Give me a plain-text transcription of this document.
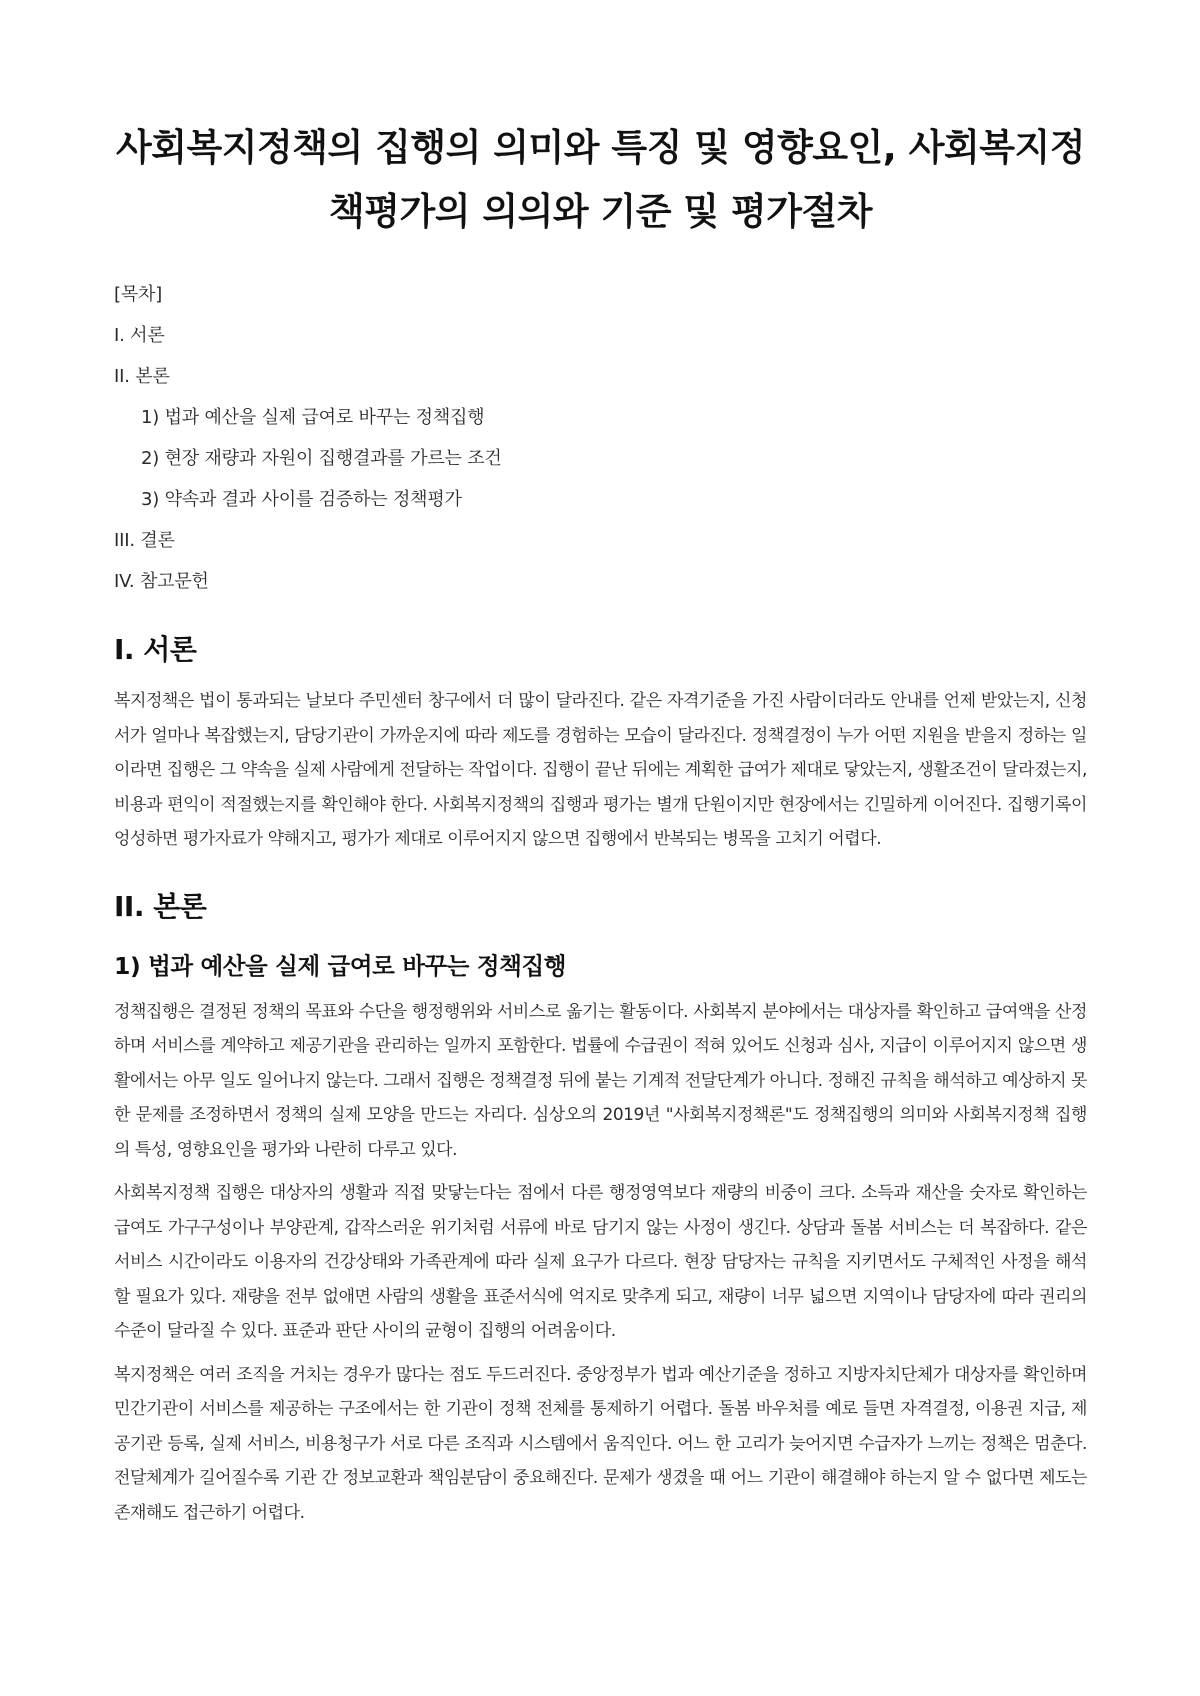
사회복지정책의 집행의 의미와 특징 및 영향요인, 사회복지정책평가의 의의와 기준 및 평가절차
[목차]
I. 서론
II. 본론
1) 법과 예산을 실제 급여로 바꾸는 정책집행
2) 현장 재량과 자원이 집행결과를 가르는 조건
3) 약속과 결과 사이를 검증하는 정책평가
III. 결론
IV. 참고문헌
I. 서론

복지정책은 법이 통과되는 날보다 주민센터 창구에서 더 많이 달라진다. 같은 자격기준을 가진 사람이더라도 안내를 언제 받았는지, 신청서가 얼마나 복잡했는지, 담당기관이 가까운지에 따라 제도를 경험하는 모습이 달라진다. 정책결정이 누가 어떤 지원을 받을지 정하는 일이라면 집행은 그 약속을 실제 사람에게 전달하는 작업이다. 집행이 끝난 뒤에는 계획한 급여가 제대로 닿았는지, 생활조건이 달라졌는지, 비용과 편익이 적절했는지를 확인해야 한다. 사회복지정책의 집행과 평가는 별개 단원이지만 현장에서는 긴밀하게 이어진다. 집행기록이 엉성하면 평가자료가 약해지고, 평가가 제대로 이루어지지 않으면 집행에서 반복되는 병목을 고치기 어렵다.

II. 본론
1) 법과 예산을 실제 급여로 바꾸는 정책집행

정책집행은 결정된 정책의 목표와 수단을 행정행위와 서비스로 옮기는 활동이다. 사회복지 분야에서는 대상자를 확인하고 급여액을 산정하며 서비스를 계약하고 제공기관을 관리하는 일까지 포함한다. 법률에 수급권이 적혀 있어도 신청과 심사, 지급이 이루어지지 않으면 생활에서는 아무 일도 일어나지 않는다. 그래서 집행은 정책결정 뒤에 붙는 기계적 전달단계가 아니다. 정해진 규칙을 해석하고 예상하지 못한 문제를 조정하면서 정책의 실제 모양을 만드는 자리다. 심상오의 2019년 "사회복지정책론"도 정책집행의 의미와 사회복지정책 집행의 특성, 영향요인을 평가와 나란히 다루고 있다.

사회복지정책 집행은 대상자의 생활과 직접 맞닿는다는 점에서 다른 행정영역보다 재량의 비중이 크다. 소득과 재산을 숫자로 확인하는 급여도 가구구성이나 부양관계, 갑작스러운 위기처럼 서류에 바로 담기지 않는 사정이 생긴다. 상담과 돌봄 서비스는 더 복잡하다. 같은 서비스 시간이라도 이용자의 건강상태와 가족관계에 따라 실제 요구가 다르다. 현장 담당자는 규칙을 지키면서도 구체적인 사정을 해석할 필요가 있다. 재량을 전부 없애면 사람의 생활을 표준서식에 억지로 맞추게 되고, 재량이 너무 넓으면 지역이나 담당자에 따라 권리의 수준이 달라질 수 있다. 표준과 판단 사이의 균형이 집행의 어려움이다.

복지정책은 여러 조직을 거치는 경우가 많다는 점도 두드러진다. 중앙정부가 법과 예산기준을 정하고 지방자치단체가 대상자를 확인하며 민간기관이 서비스를 제공하는 구조에서는 한 기관이 정책 전체를 통제하기 어렵다. 돌봄 바우처를 예로 들면 자격결정, 이용권 지급, 제공기관 등록, 실제 서비스, 비용청구가 서로 다른 조직과 시스템에서 움직인다. 어느 한 고리가 늦어지면 수급자가 느끼는 정책은 멈춘다. 전달체계가 길어질수록 기관 간 정보교환과 책임분담이 중요해진다. 문제가 생겼을 때 어느 기관이 해결해야 하는지 알 수 없다면 제도는 존재해도 접근하기 어렵다.
